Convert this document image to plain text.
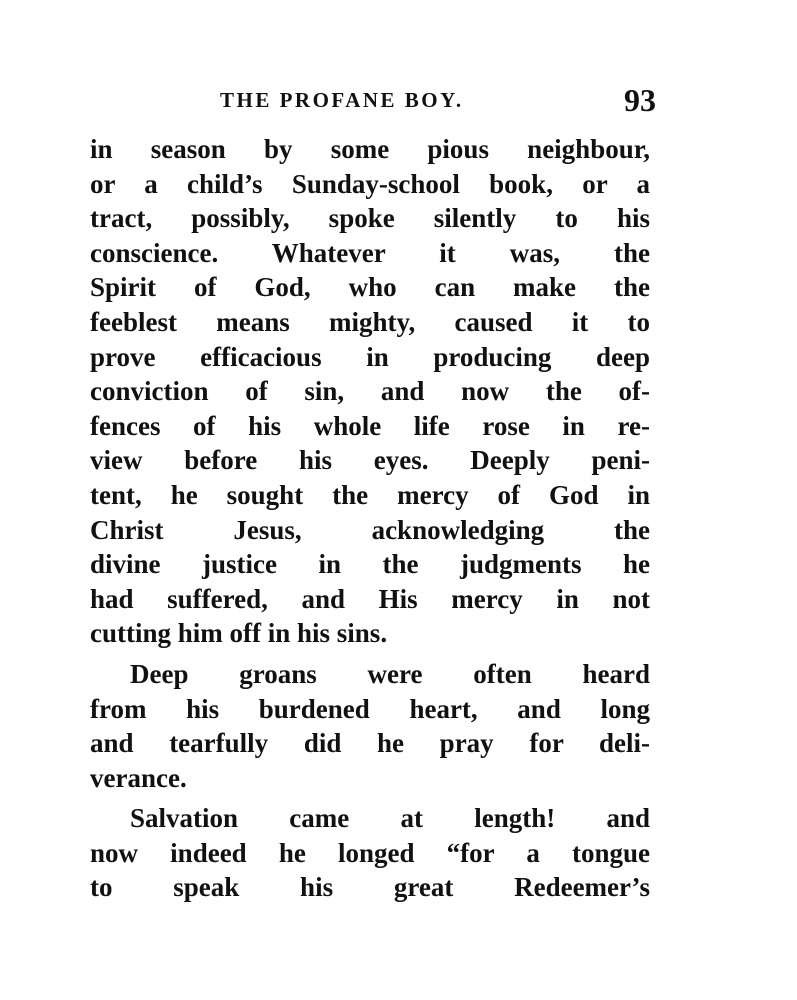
THE PROFANE BOY.	93

in season by some pious neighbour,
or a child’s Sunday-school book, or a
tract, possibly, spoke silently to his
conscience. Whatever it was, the
Spirit of God, who can make the
feeblest means mighty, caused it to
prove efficacious in producing deep
conviction of sin, and now the of-
fences of his whole life rose in re-
view before his eyes. Deeply peni-
tent, he sought the mercy of God in
Christ Jesus, acknowledging the
divine justice in the judgments he
had suffered, and His mercy in not
cutting him off in his sins.

Deep groans were often heard
from his burdened heart, and long
and tearfully did he pray for deli-
verance.

Salvation came at length! and
now indeed he longed “for a tongue
to speak his great Redeemer’s
